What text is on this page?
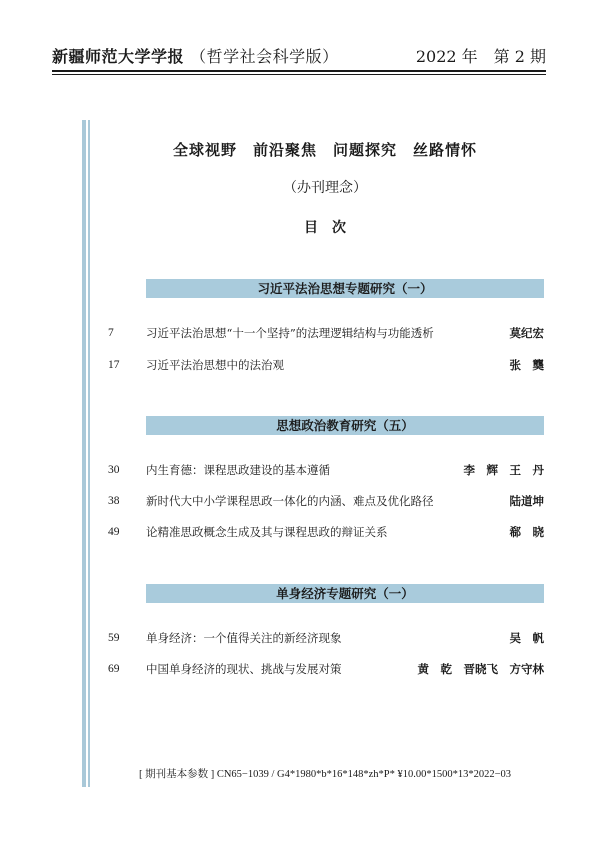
新疆师范大学学报 （哲学社会科学版）	2022 年　第 2 期
全球视野　前沿聚焦　问题探究　丝路情怀
（办刊理念）
目次
习近平法治思想专题研究（一）
7	习近平法治思想“十一个坚持”的法理逻辑结构与功能透析	莫纪宏
17	习近平法治思想中的法治观	张　龑
思想政治教育研究（五）
30	内生育德：课程思政建设的基本遵循	李　辉　王　丹
38	新时代大中小学课程思政一体化的内涵、难点及优化路径	陆道坤
49	论精准思政概念生成及其与课程思政的辩证关系	郗　晓
单身经济专题研究（一）
59	单身经济：一个值得关注的新经济现象	吴　帆
69	中国单身经济的现状、挑战与发展对策	黄　乾　晋晓飞　方守林
[ 期刊基本参数 ] CN65−1039 / G4*1980*b*16*148*zh*P* ¥10.00*1500*13*2022−03
